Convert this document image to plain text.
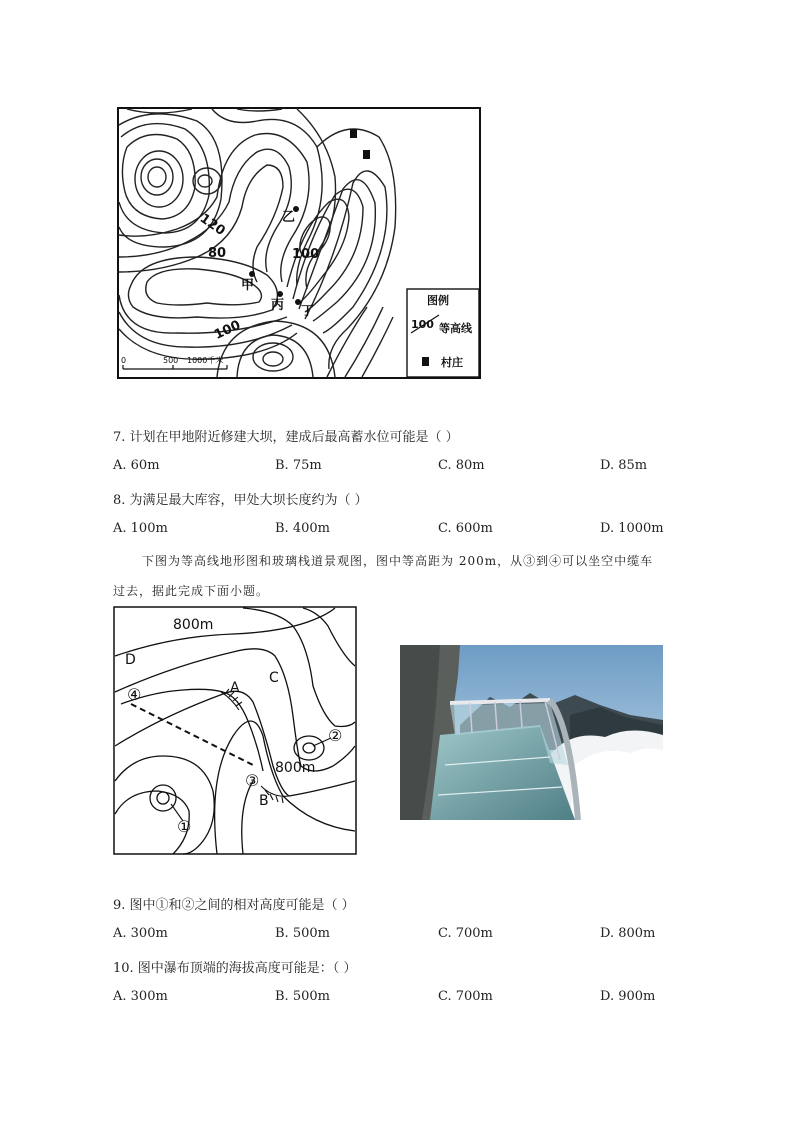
甲
乙
丙 丁
120
80	100
100
0	500 1000千米
图例
100 等高线
村庄
7. 计划在甲地附近修建大坝，建成后最高蓄水位可能是（ ）
A. 60m	B. 75m	C. 80m	D. 85m
8. 为满足最大库容，甲处大坝长度约为（ ）
A. 100m	B. 400m	C. 600m	D. 1000m
下图为等高线地形图和玻璃栈道景观图，图中等高距为 200m，从③到④可以坐空中缆车
过去，据此完成下面小题。
800m
D
A
C
B
800m
①
②
③
④
9. 图中①和②之间的相对高度可能是（ ）
A. 300m	B. 500m	C. 700m	D. 800m
10. 图中瀑布顶端的海拔高度可能是：（ ）
A. 300m	B. 500m	C. 700m	D. 900m
